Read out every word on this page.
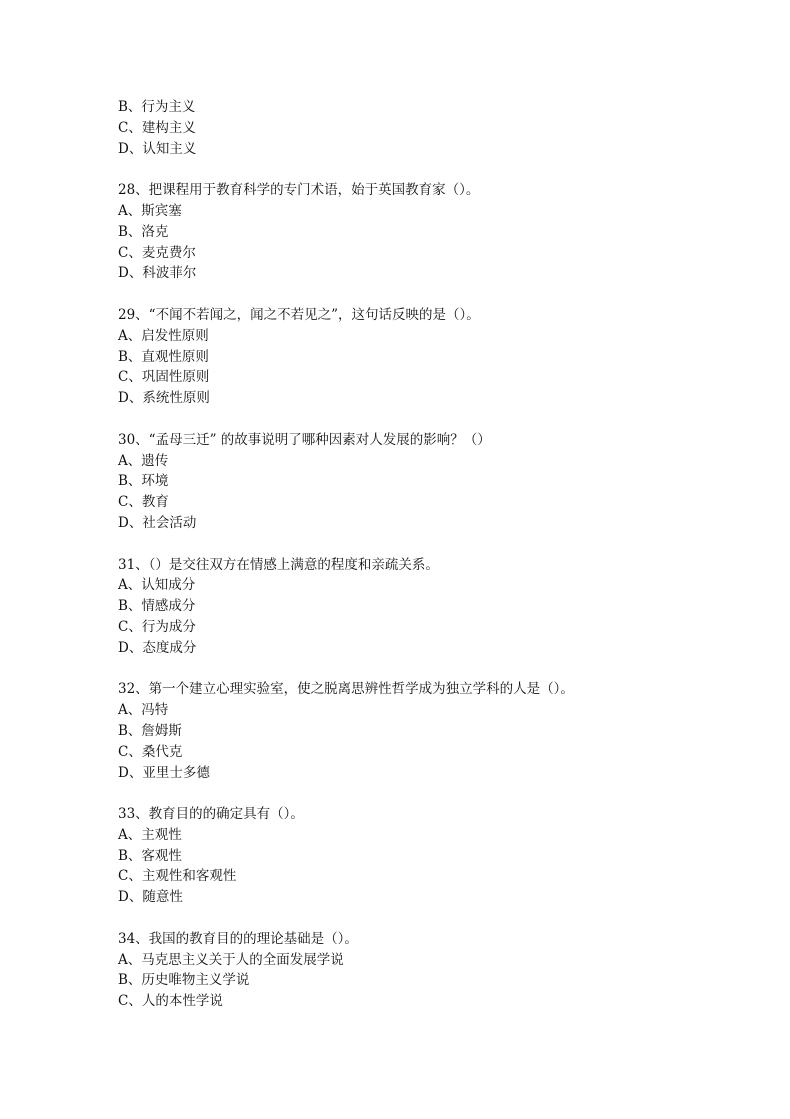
B、行为主义
C、建构主义
D、认知主义
28、把课程用于教育科学的专门术语，始于英国教育家（）。
A、斯宾塞
B、洛克
C、麦克费尔
D、科波菲尔
29、“不闻不若闻之，闻之不若见之”，这句话反映的是（）。
A、启发性原则
B、直观性原则
C、巩固性原则
D、系统性原则
30、“孟母三迁” 的故事说明了哪种因素对人发展的影响？（）
A、遗传
B、环境
C、教育
D、社会活动
31、（）是交往双方在情感上满意的程度和亲疏关系。
A、认知成分
B、情感成分
C、行为成分
D、态度成分
32、第一个建立心理实验室，使之脱离思辨性哲学成为独立学科的人是（）。
A、冯特
B、詹姆斯
C、桑代克
D、亚里士多德
33、教育目的的确定具有（）。
A、主观性
B、客观性
C、主观性和客观性
D、随意性
34、我国的教育目的的理论基础是（）。
A、马克思主义关于人的全面发展学说
B、历史唯物主义学说
C、人的本性学说
